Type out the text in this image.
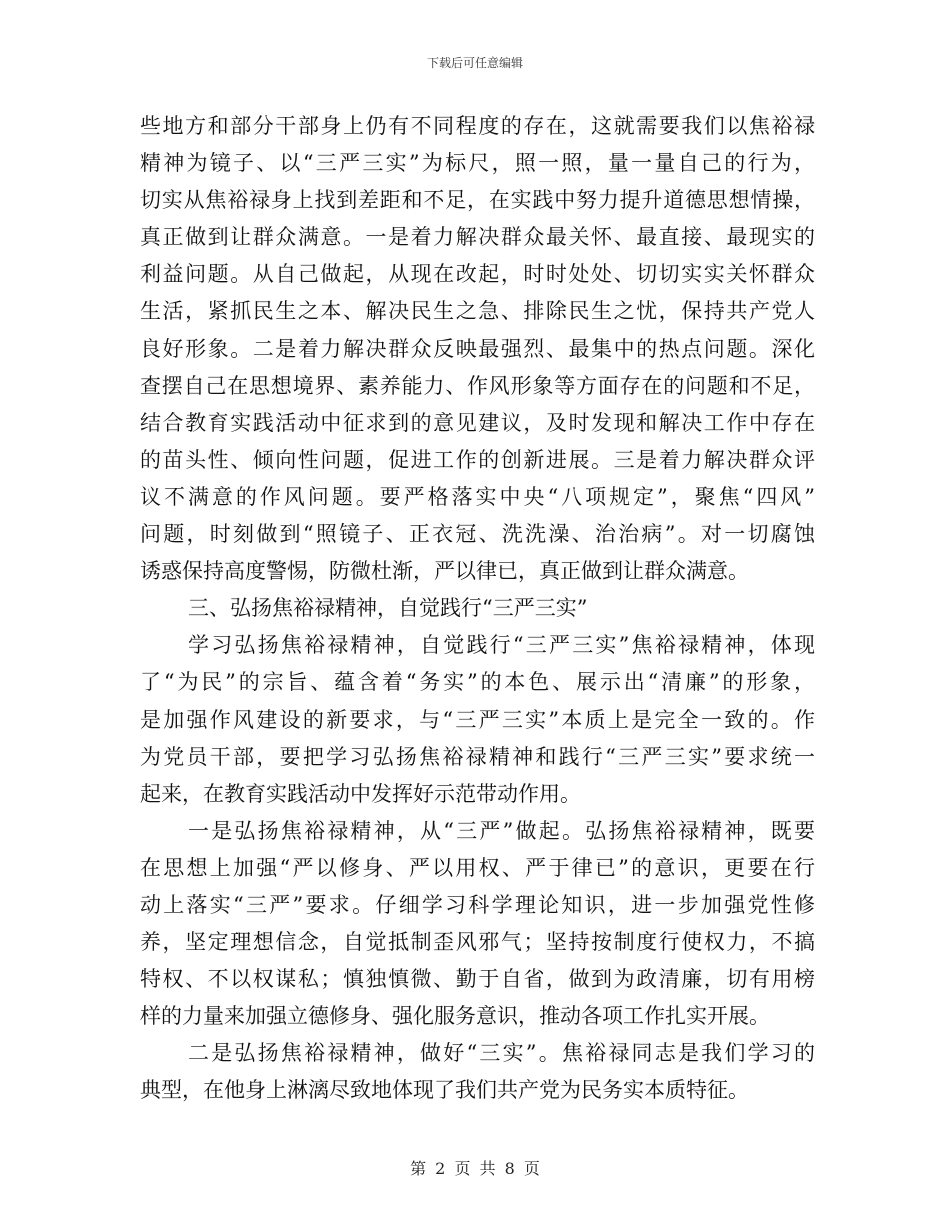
下载后可任意编辑
些地方和部分干部身上仍有不同程度的存在，这就需要我们以焦裕禄
精神为镜子、以“三严三实”为标尺，照一照，量一量自己的行为，
切实从焦裕禄身上找到差距和不足，在实践中努力提升道德思想情操，
真正做到让群众满意。一是着力解决群众最关怀、最直接、最现实的
利益问题。从自己做起，从现在改起，时时处处、切切实实关怀群众
生活，紧抓民生之本、解决民生之急、排除民生之忧，保持共产党人
良好形象。二是着力解决群众反映最强烈、最集中的热点问题。深化
查摆自己在思想境界、素养能力、作风形象等方面存在的问题和不足，
结合教育实践活动中征求到的意见建议，及时发现和解决工作中存在
的苗头性、倾向性问题，促进工作的创新进展。三是着力解决群众评
议不满意的作风问题。要严格落实中央“八项规定”，聚焦“四风”
问题，时刻做到“照镜子、正衣冠、洗洗澡、治治病”。对一切腐蚀
诱惑保持高度警惕，防微杜渐，严以律已，真正做到让群众满意。
三、弘扬焦裕禄精神，自觉践行“三严三实”
学习弘扬焦裕禄精神，自觉践行“三严三实”焦裕禄精神，体现
了“为民”的宗旨、蕴含着“务实”的本色、展示出“清廉”的形象，
是加强作风建设的新要求，与“三严三实”本质上是完全一致的。作
为党员干部，要把学习弘扬焦裕禄精神和践行“三严三实”要求统一
起来，在教育实践活动中发挥好示范带动作用。
一是弘扬焦裕禄精神，从“三严”做起。弘扬焦裕禄精神，既要
在思想上加强“严以修身、严以用权、严于律已”的意识，更要在行
动上落实“三严”要求。仔细学习科学理论知识，进一步加强党性修
养，坚定理想信念，自觉抵制歪风邪气；坚持按制度行使权力，不搞
特权、不以权谋私；慎独慎微、勤于自省，做到为政清廉，切有用榜
样的力量来加强立德修身、强化服务意识，推动各项工作扎实开展。
二是弘扬焦裕禄精神，做好“三实”。焦裕禄同志是我们学习的
典型，在他身上淋漓尽致地体现了我们共产党为民务实本质特征。
第 2 页 共 8 页
